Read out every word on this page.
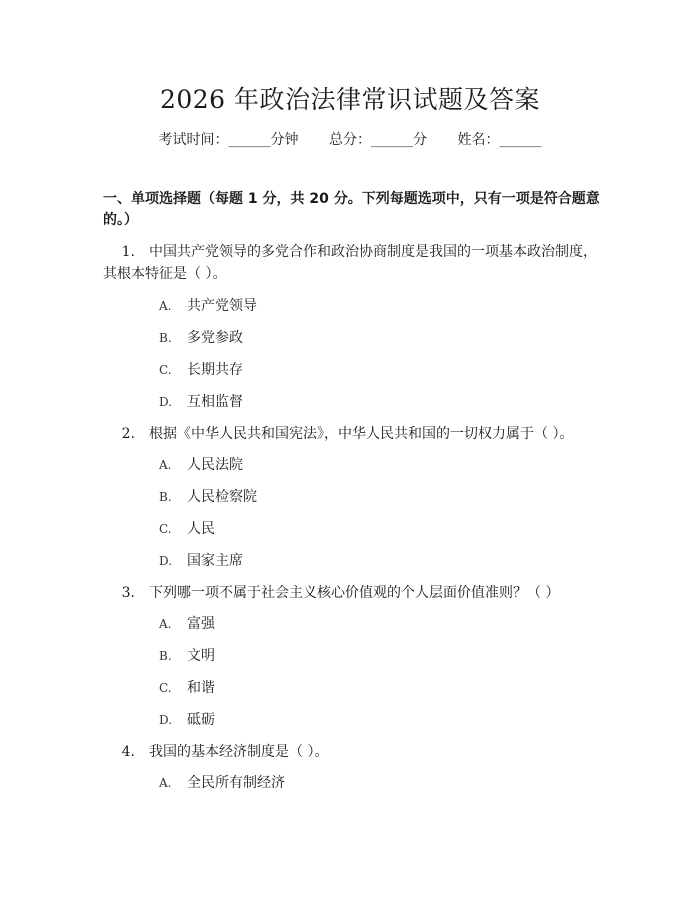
2026 年政治法律常识试题及答案
考试时间：______分钟 总分：______分 姓名：______
一、单项选择题（每题 1 分，共 20 分。下列每题选项中，只有一项是符合题意的。）
1. 中国共产党领导的多党合作和政治协商制度是我国的一项基本政治制度，其根本特征是（ ）。
A. 共产党领导
B. 多党参政
C. 长期共存
D. 互相监督
2. 根据《中华人民共和国宪法》，中华人民共和国的一切权力属于（ ）。
A. 人民法院
B. 人民检察院
C. 人民
D. 国家主席
3. 下列哪一项不属于社会主义核心价值观的个人层面价值准则？（ ）
A. 富强
B. 文明
C. 和谐
D. 砥砺
4. 我国的基本经济制度是（ ）。
A. 全民所有制经济
